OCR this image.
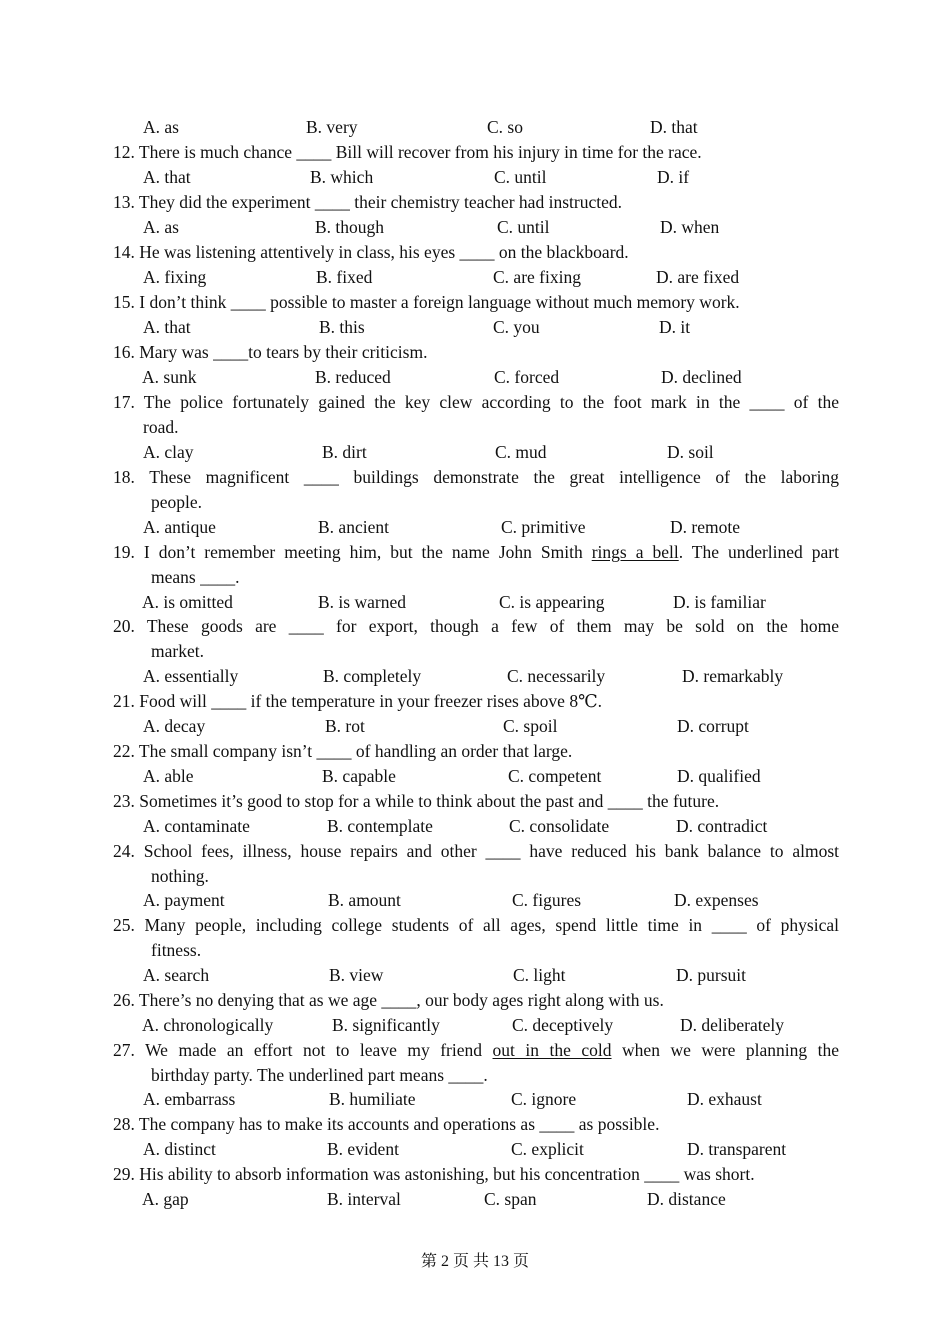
A. as	B. very	C. so	D. that
12. There is much chance ____ Bill will recover from his injury in time for the race.
A. that	B. which	C. until	D. if
13. They did the experiment ____ their chemistry teacher had instructed.
A. as	B. though	C. until	D. when
14. He was listening attentively in class, his eyes ____ on the blackboard.
A. fixing	B. fixed	C. are fixing	D. are fixed
15. I don’t think ____ possible to master a foreign language without much memory work.
A. that	B. this	C. you	D. it
16. Mary was ____to tears by their criticism.
A. sunk	B. reduced	C. forced	D. declined
17. The police fortunately gained the key clew according to the foot mark in the ____ of the
road.
A. clay	B. dirt	C. mud	D. soil
18. These magnificent ____ buildings demonstrate the great intelligence of the laboring
people.
A. antique	B. ancient	C. primitive	D. remote
19. I don’t remember meeting him, but the name John Smith rings a bell. The underlined part
means ____.
A. is omitted	B. is warned	C. is appearing	D. is familiar
20. These goods are ____ for export, though a few of them may be sold on the home
market.
A. essentially	B. completely	C. necessarily	D. remarkably
21. Food will ____ if the temperature in your freezer rises above 8℃.
A. decay	B. rot	C. spoil	D. corrupt
22. The small company isn’t ____ of handling an order that large.
A. able	B. capable	C. competent	D. qualified
23. Sometimes it’s good to stop for a while to think about the past and ____ the future.
A. contaminate	B. contemplate	C. consolidate	D. contradict
24. School fees, illness, house repairs and other ____ have reduced his bank balance to almost
nothing.
A. payment	B. amount	C. figures	D. expenses
25. Many people, including college students of all ages, spend little time in ____ of physical
fitness.
A. search	B. view	C. light	D. pursuit
26. There’s no denying that as we age ____, our body ages right along with us.
A. chronologically	B. significantly	C. deceptively	D. deliberately
27. We made an effort not to leave my friend out in the cold when we were planning the
birthday party. The underlined part means ____.
A. embarrass	B. humiliate	C. ignore	D. exhaust
28. The company has to make its accounts and operations as ____ as possible.
A. distinct	B. evident	C. explicit	D. transparent
29. His ability to absorb information was astonishing, but his concentration ____ was short.
A. gap	B. interval	C. span	D. distance
第 2 页 共 13 页
